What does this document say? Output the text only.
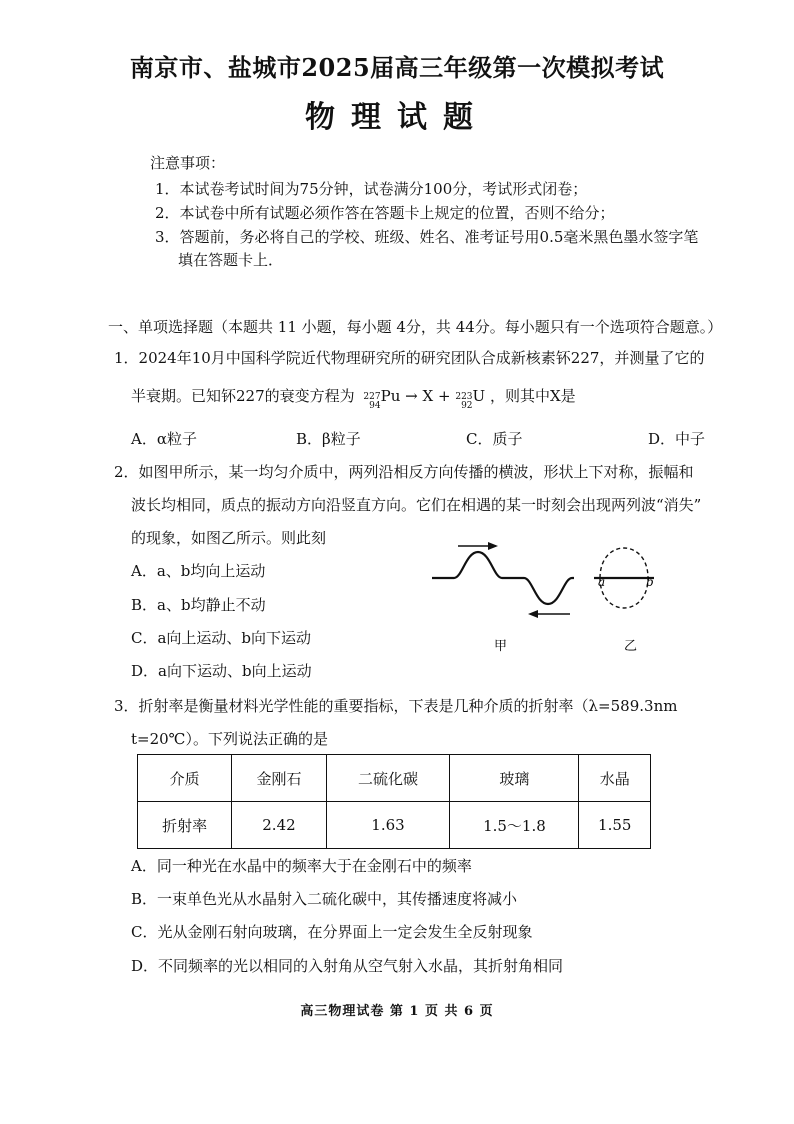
南京市、盐城市2025届高三年级第一次模拟考试
物理试题
注意事项：
1．本试卷考试时间为75分钟，试卷满分100分，考试形式闭卷；
2．本试卷中所有试题必须作答在答题卡上规定的位置，否则不给分；
3．答题前，务必将自己的学校、班级、姓名、准考证号用0.5毫米黑色墨水签字笔
填在答题卡上．
一、单项选择题（本题共 11 小题，每小题 4分，共 44分。每小题只有一个选项符合题意。）
1．2024年10月中国科学院近代物理研究所的研究团队合成新核素钚227，并测量了它的
半衰期。已知钚227的衰变方程为 227
94
Pu → X + 223
92
U ，则其中X是
A．α粒子	B．β粒子	C．质子	D．中子
2．如图甲所示，某一均匀介质中，两列沿相反方向传播的横波，形状上下对称，振幅和
波长均相同，质点的振动方向沿竖直方向。它们在相遇的某一时刻会出现两列波“消失”
的现象，如图乙所示。则此刻
A．a、b均向上运动
B．a、b均静止不动
C．a向上运动、b向下运动
D．a向下运动、b向上运动
a	b
甲	乙
3．折射率是衡量材料光学性能的重要指标，下表是几种介质的折射率（λ=589.3nm
t=20℃）。下列说法正确的是
介质	金刚石	二硫化碳	玻璃	水晶
折射率	2.42	1.63	1.5～1.8	1.55
A．同一种光在水晶中的频率大于在金刚石中的频率
B．一束单色光从水晶射入二硫化碳中，其传播速度将减小
C．光从金刚石射向玻璃，在分界面上一定会发生全反射现象
D．不同频率的光以相同的入射角从空气射入水晶，其折射角相同
高三物理试卷 第 1 页 共 6 页
